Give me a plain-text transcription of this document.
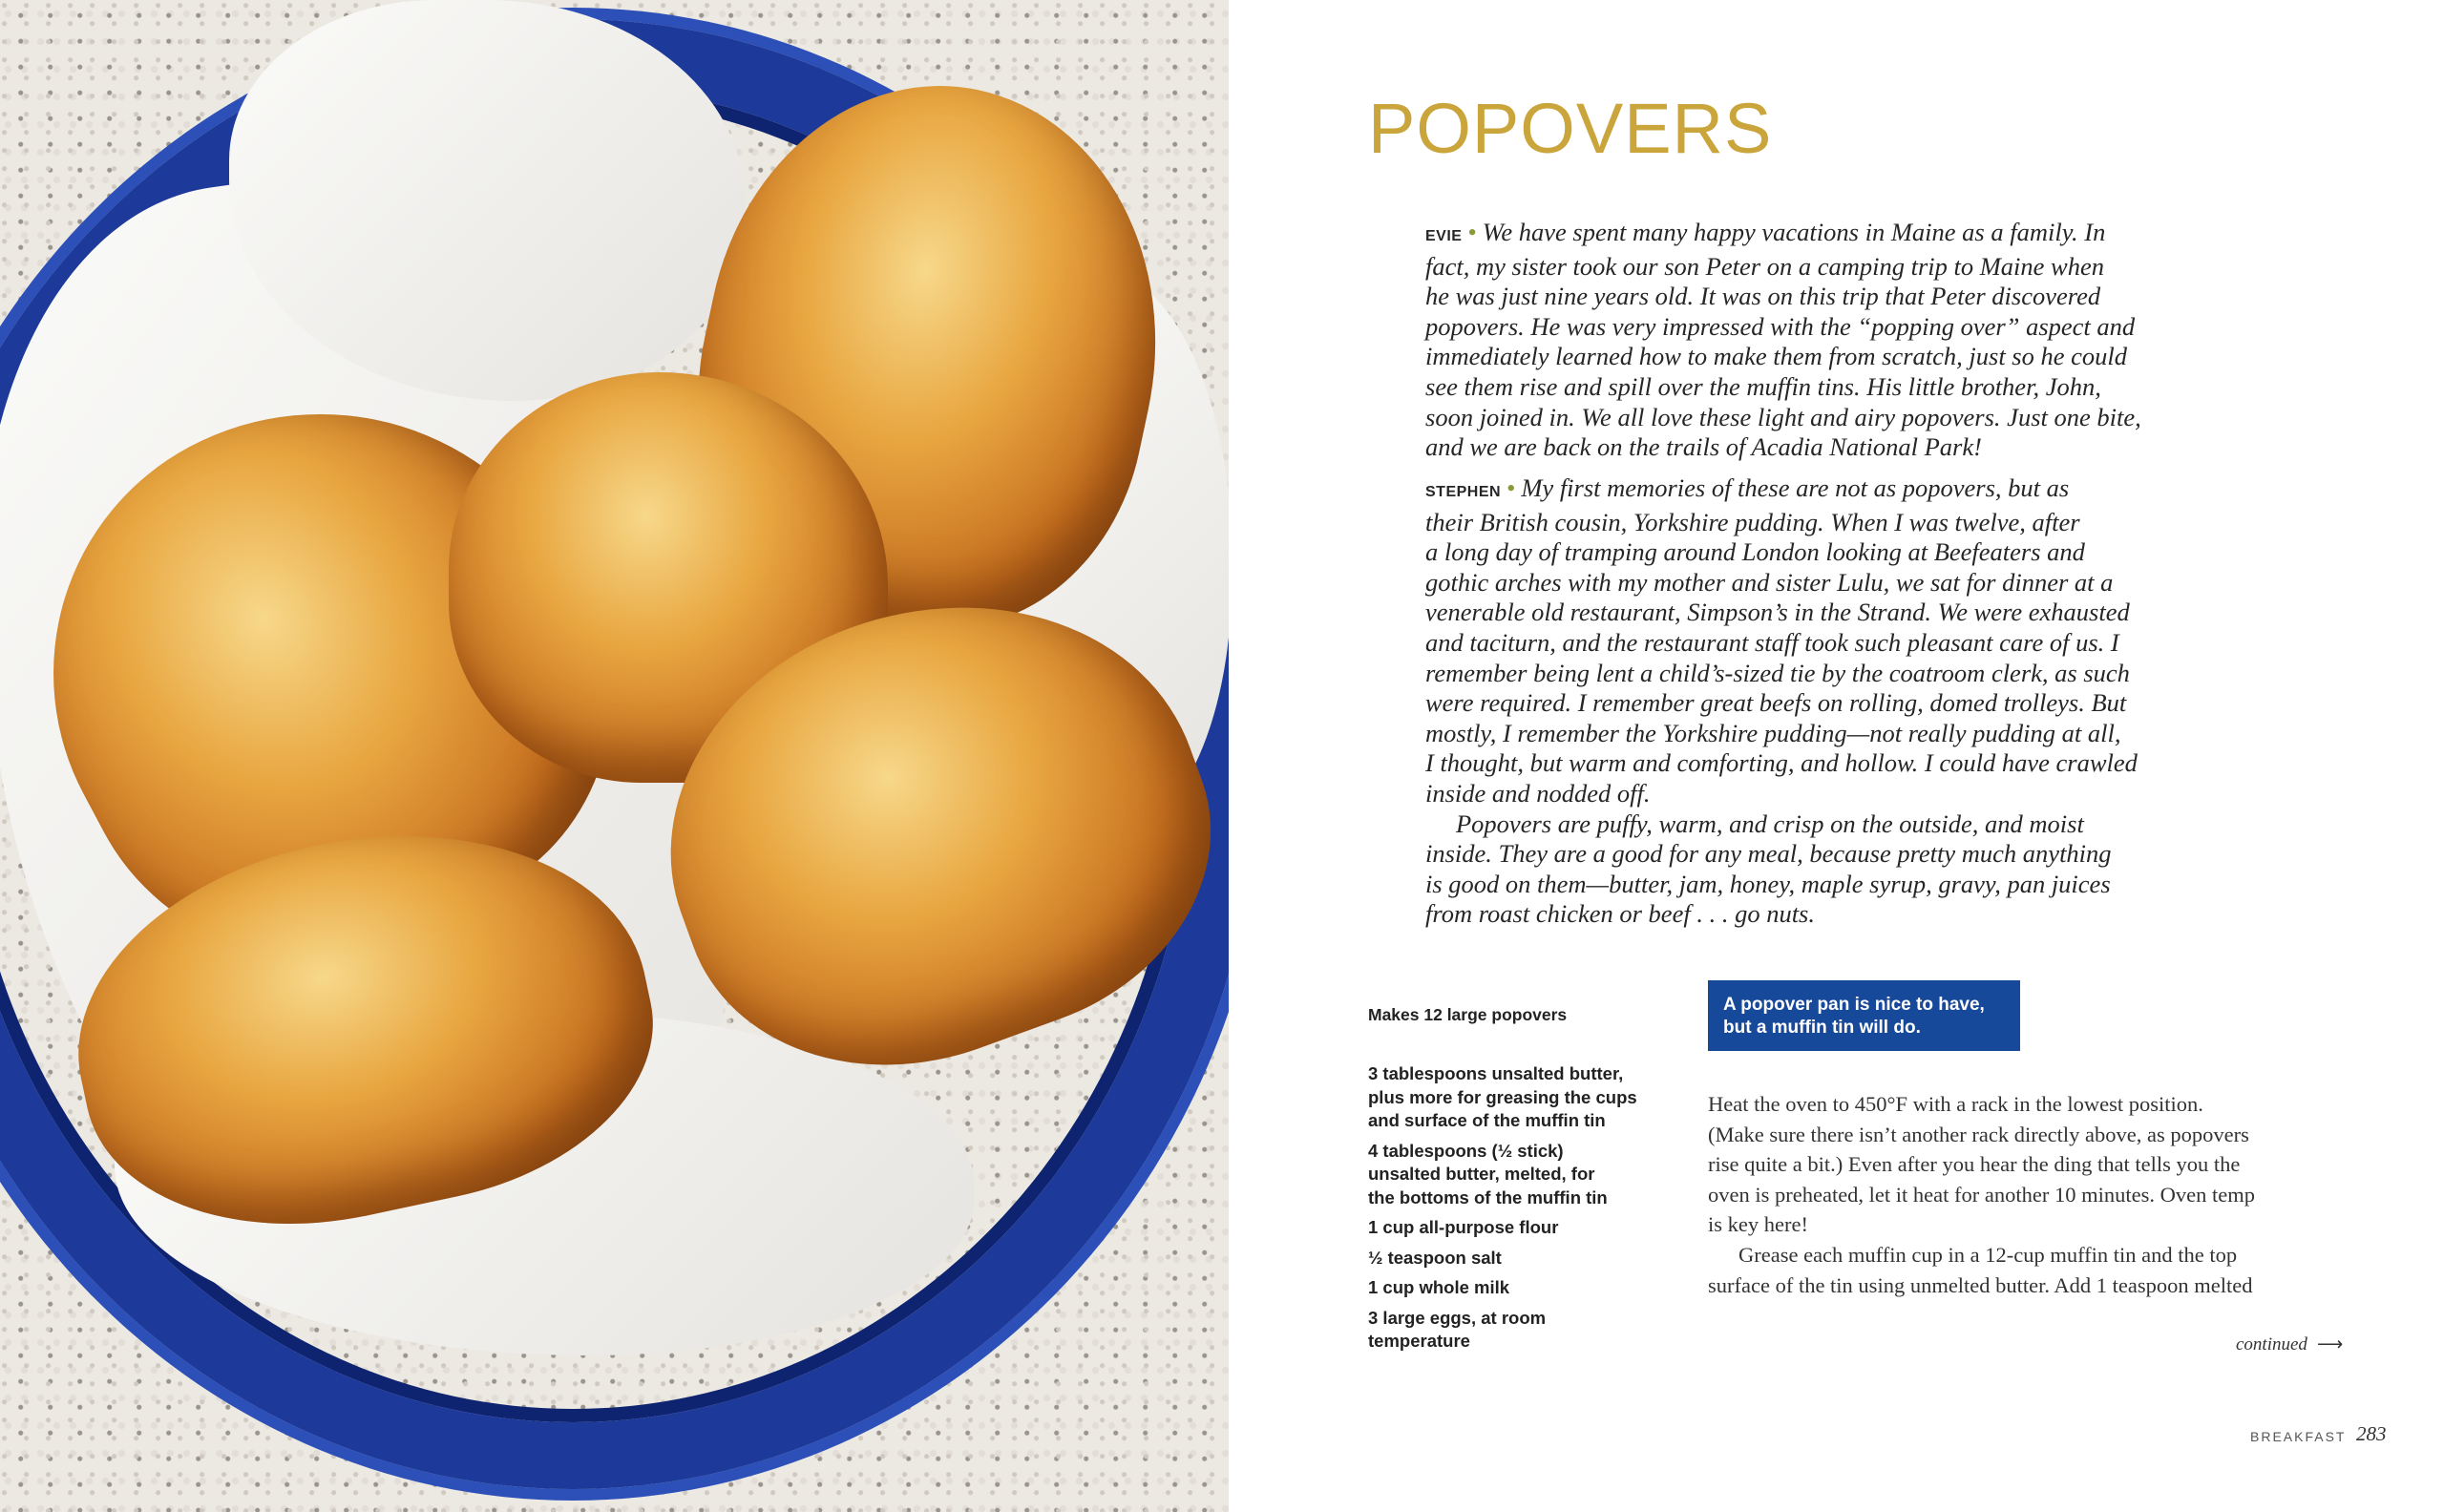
POPOVERS
EVIE • We have spent many happy vacations in Maine as a family. In
fact, my sister took our son Peter on a camping trip to Maine when
he was just nine years old. It was on this trip that Peter discovered
popovers. He was very impressed with the “popping over” aspect and
immediately learned how to make them from scratch, just so he could
see them rise and spill over the muffin tins. His little brother, John,
soon joined in. We all love these light and airy popovers. Just one bite,
and we are back on the trails of Acadia National Park!
STEPHEN • My first memories of these are not as popovers, but as
their British cousin, Yorkshire pudding. When I was twelve, after
a long day of tramping around London looking at Beefeaters and
gothic arches with my mother and sister Lulu, we sat for dinner at a
venerable old restaurant, Simpson’s in the Strand. We were exhausted
and taciturn, and the restaurant staff took such pleasant care of us. I
remember being lent a child’s-sized tie by the coatroom clerk, as such
were required. I remember great beefs on rolling, domed trolleys. But
mostly, I remember the Yorkshire pudding—not really pudding at all,
I thought, but warm and comforting, and hollow. I could have crawled
inside and nodded off.
Popovers are puffy, warm, and crisp on the outside, and moist
inside. They are a good for any meal, because pretty much anything
is good on them—butter, jam, honey, maple syrup, gravy, pan juices
from roast chicken or beef . . . go nuts.
Makes 12 large popovers
3 tablespoons unsalted butter,
plus more for greasing the cups
and surface of the muffin tin
4 tablespoons (½ stick)
unsalted butter, melted, for
the bottoms of the muffin tin
1 cup all-purpose flour
½ teaspoon salt
1 cup whole milk
3 large eggs, at room
temperature
A popover pan is nice to have,
but a muffin tin will do.
Heat the oven to 450°F with a rack in the lowest position.
(Make sure there isn’t another rack directly above, as popovers
rise quite a bit.) Even after you hear the ding that tells you the
oven is preheated, let it heat for another 10 minutes. Oven temp
is key here!
Grease each muffin cup in a 12-cup muffin tin and the top
surface of the tin using unmelted butter. Add 1 teaspoon melted
continued ⟶
BREAKFAST 283
